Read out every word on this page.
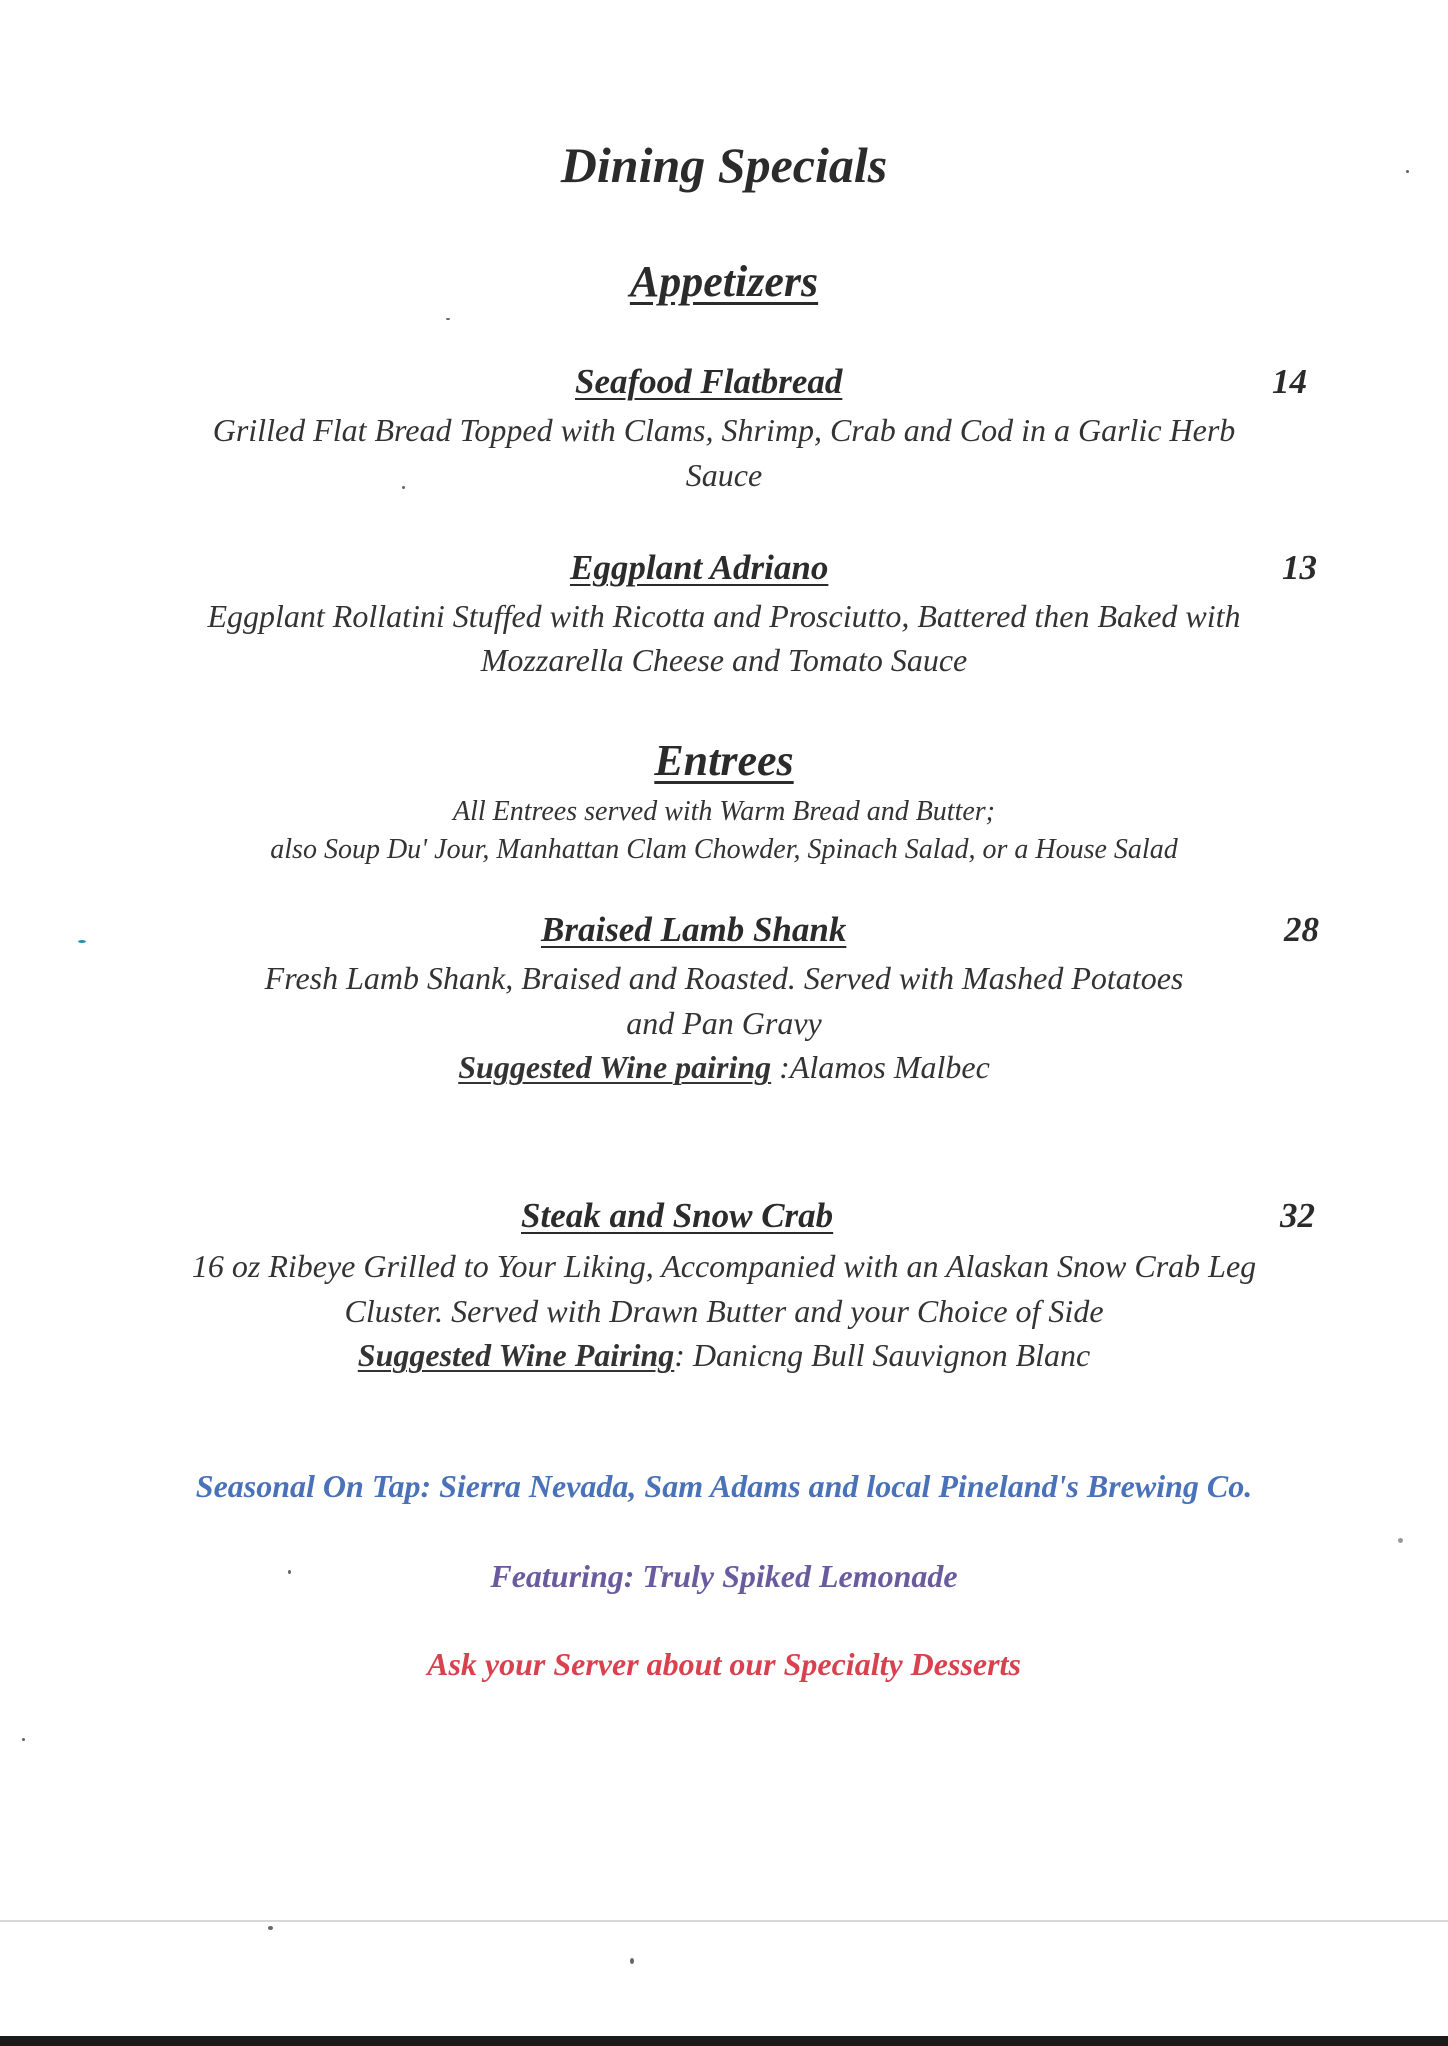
Dining Specials
Appetizers
Seafood Flatbread	14
Grilled Flat Bread Topped with Clams, Shrimp, Crab and Cod in a Garlic Herb
Sauce
Eggplant Adriano	13
Eggplant Rollatini Stuffed with Ricotta and Prosciutto, Battered then Baked with
Mozzarella Cheese and Tomato Sauce
Entrees
All Entrees served with Warm Bread and Butter;
also Soup Du' Jour, Manhattan Clam Chowder, Spinach Salad, or a House Salad
Braised Lamb Shank	28
Fresh Lamb Shank, Braised and Roasted. Served with Mashed Potatoes
and Pan Gravy
Suggested Wine pairing :Alamos Malbec
Steak and Snow Crab	32
16 oz Ribeye Grilled to Your Liking, Accompanied with an Alaskan Snow Crab Leg
Cluster. Served with Drawn Butter and your Choice of Side
Suggested Wine Pairing: Danicng Bull Sauvignon Blanc
Seasonal On Tap: Sierra Nevada, Sam Adams and local Pineland's Brewing Co.
Featuring: Truly Spiked Lemonade
Ask your Server about our Specialty Desserts
